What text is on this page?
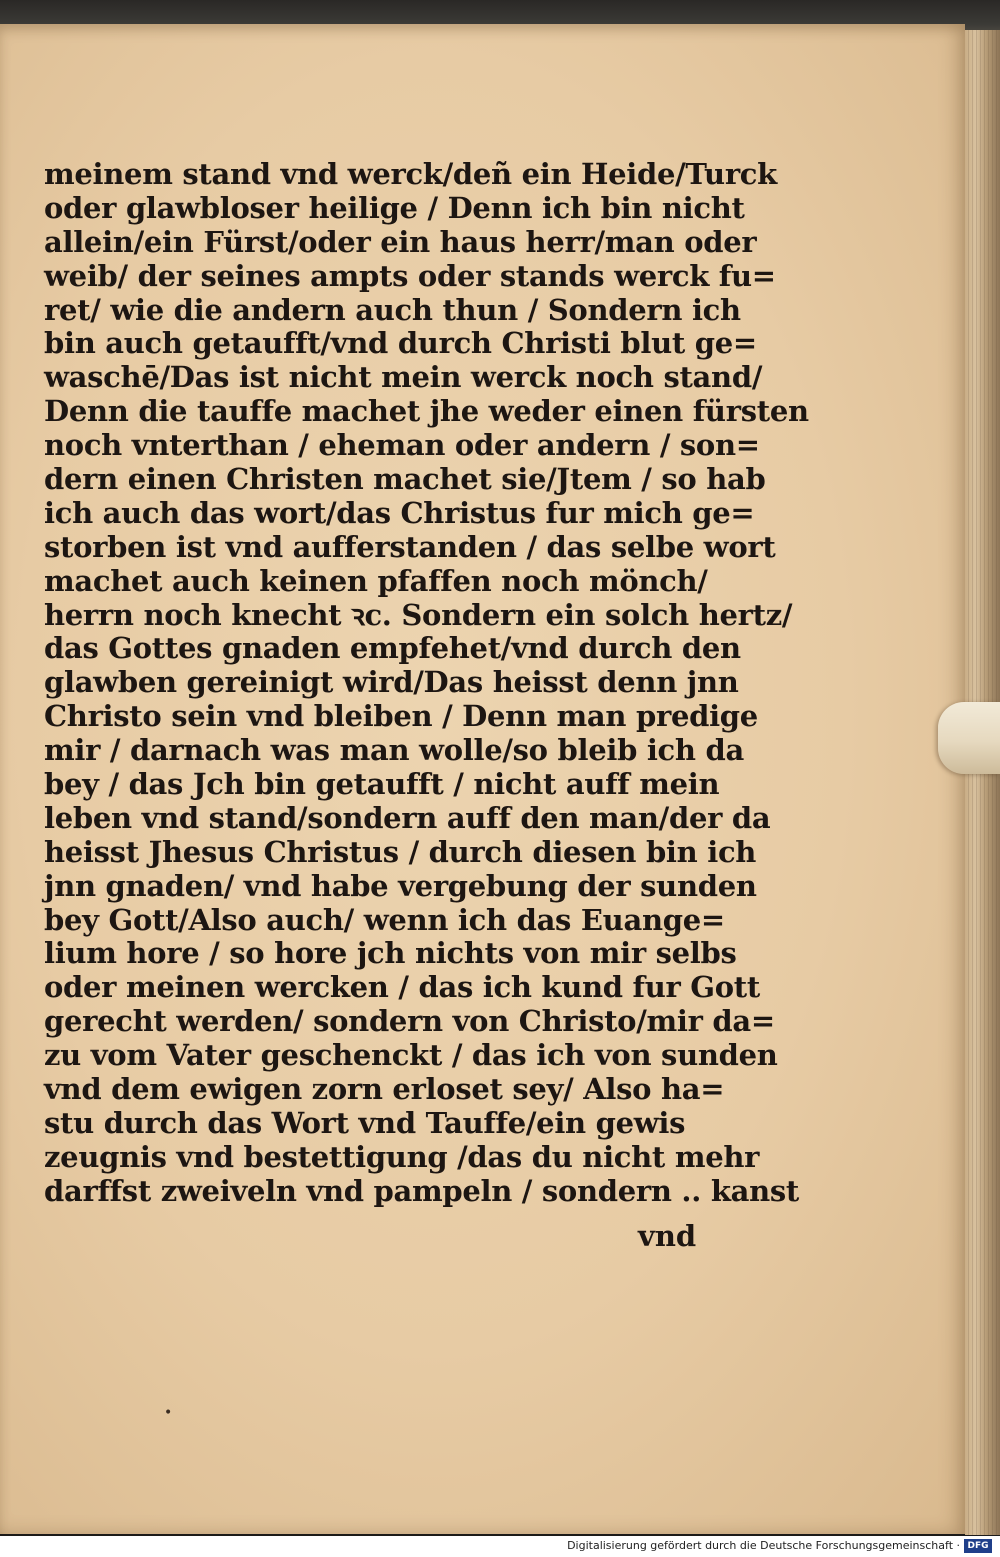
meinem stand vnd werck/deñ ein Heide/Turck
oder glawbloser heilige / Denn ich bin nicht
allein/ein Fürst/oder ein haus herr/man oder
weib/ der seines ampts oder stands werck fu=
ret/ wie die andern auch thun / Sondern ich
bin auch getaufft/vnd durch Christi blut ge=
waschē/Das ist nicht mein werck noch stand/
Denn die tauffe machet jhe weder einen fürsten
noch vnterthan / eheman oder andern / son=
dern einen Christen machet sie/Jtem / so hab
ich auch das wort/das Christus fur mich ge=
storben ist vnd aufferstanden / das selbe wort
machet auch keinen pfaffen noch mönch/
herrn noch knecht ꝛc. Sondern ein solch hertz/
das Gottes gnaden empfehet/vnd durch den
glawben gereinigt wird/Das heisst denn jnn
Christo sein vnd bleiben / Denn man predige
mir / darnach was man wolle/so bleib ich da
bey / das Jch bin getaufft / nicht auff mein
leben vnd stand/sondern auff den man/der da
heisst Jhesus Christus / durch diesen bin ich
jnn gnaden/ vnd habe vergebung der sunden
bey Gott/Also auch/ wenn ich das Euange=
lium hore / so hore jch nichts von mir selbs
oder meinen wercken / das ich kund fur Gott
gerecht werden/ sondern von Christo/mir da=
zu vom Vater geschenckt / das ich von sunden
vnd dem ewigen zorn erloset sey/ Also ha=
stu durch das Wort vnd Tauffe/ein gewis
zeugnis vnd bestettigung /das du nicht mehr
darffst zweiveln vnd pampeln / sondern .. kanst
vnd
•
Digitalisierung gefördert durch die Deutsche Forschungsgemeinschaft · DFG
